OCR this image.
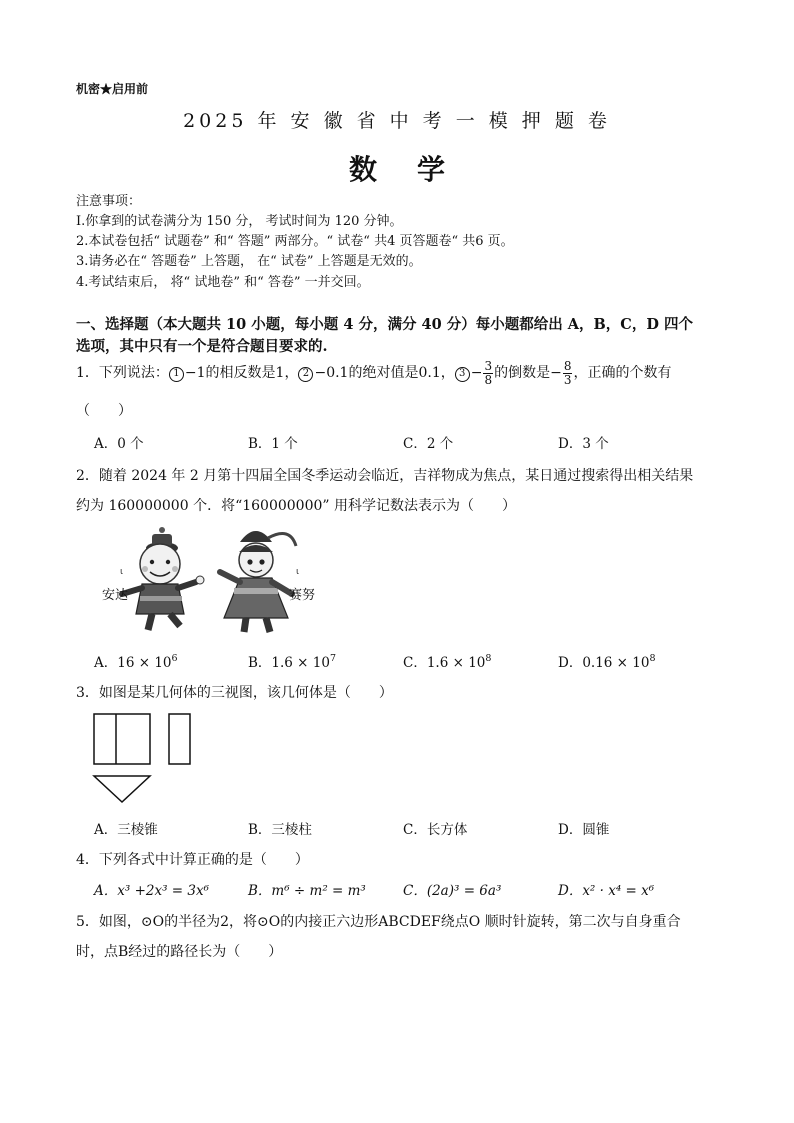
机密★启用前
2025 年 安 徽 省 中 考 一 模 押 题 卷
数学
注意事项：
I.你拿到的试卷满分为 150 分， 考试时间为 120 分钟。
2.本试卷包括“ 试题卷” 和“ 答题” 两部分。“ 试卷“ 共4 页答题卷“ 共6 页。
3.请务必在“ 答题卷” 上答题， 在“ 试卷” 上答题是无效的。
4.考试结束后， 将“ 试地卷” 和“ 答卷” 一并交回。
一、选择题（本大题共 10 小题，每小题 4 分，满分 40 分）每小题都给出 A，B，C，D 四个
选项，其中只有一个是符合题目要求的.
1．下列说法： 1 −1的相反数是1， 2 −0.1的绝对值是0.1， $3 - \frac{3}{8}$ 的倒数是− $\frac{8}{3}$ ，正确的个数有
（　　）
A．0 个	B．1 个	C．2 个	D．3 个
2．随着 2024 年 2 月第十四届全国冬季运动会临近，吉祥物成为焦点，某日通过搜索得出相关结果
约为 160000000 个．将“160000000” 用科学记数法表示为（　　）
ɩ	ɩ
安达	赛努
A．$16 \times 10^6$	B．$1.6 \times 10^7$	C．$1.6 \times 10^8$	D．$0.16 \times 10^8$
3．如图是某几何体的三视图，该几何体是（　　）
A．三棱锥	B．三棱柱	C．长方体	D．圆锥
4．下列各式中计算正确的是（　　）
A．x³ +2x³ = 3x⁶	B．m⁶ ÷ m² = m³	C．(2a)³ = 6a³	D．x² · x⁴ = x⁶
5．如图，⊙O的半径为2，将⊙O的内接正六边形ABCDEF绕点O 顺时针旋转，第二次与自身重合
时，点B经过的路径长为（　　）
